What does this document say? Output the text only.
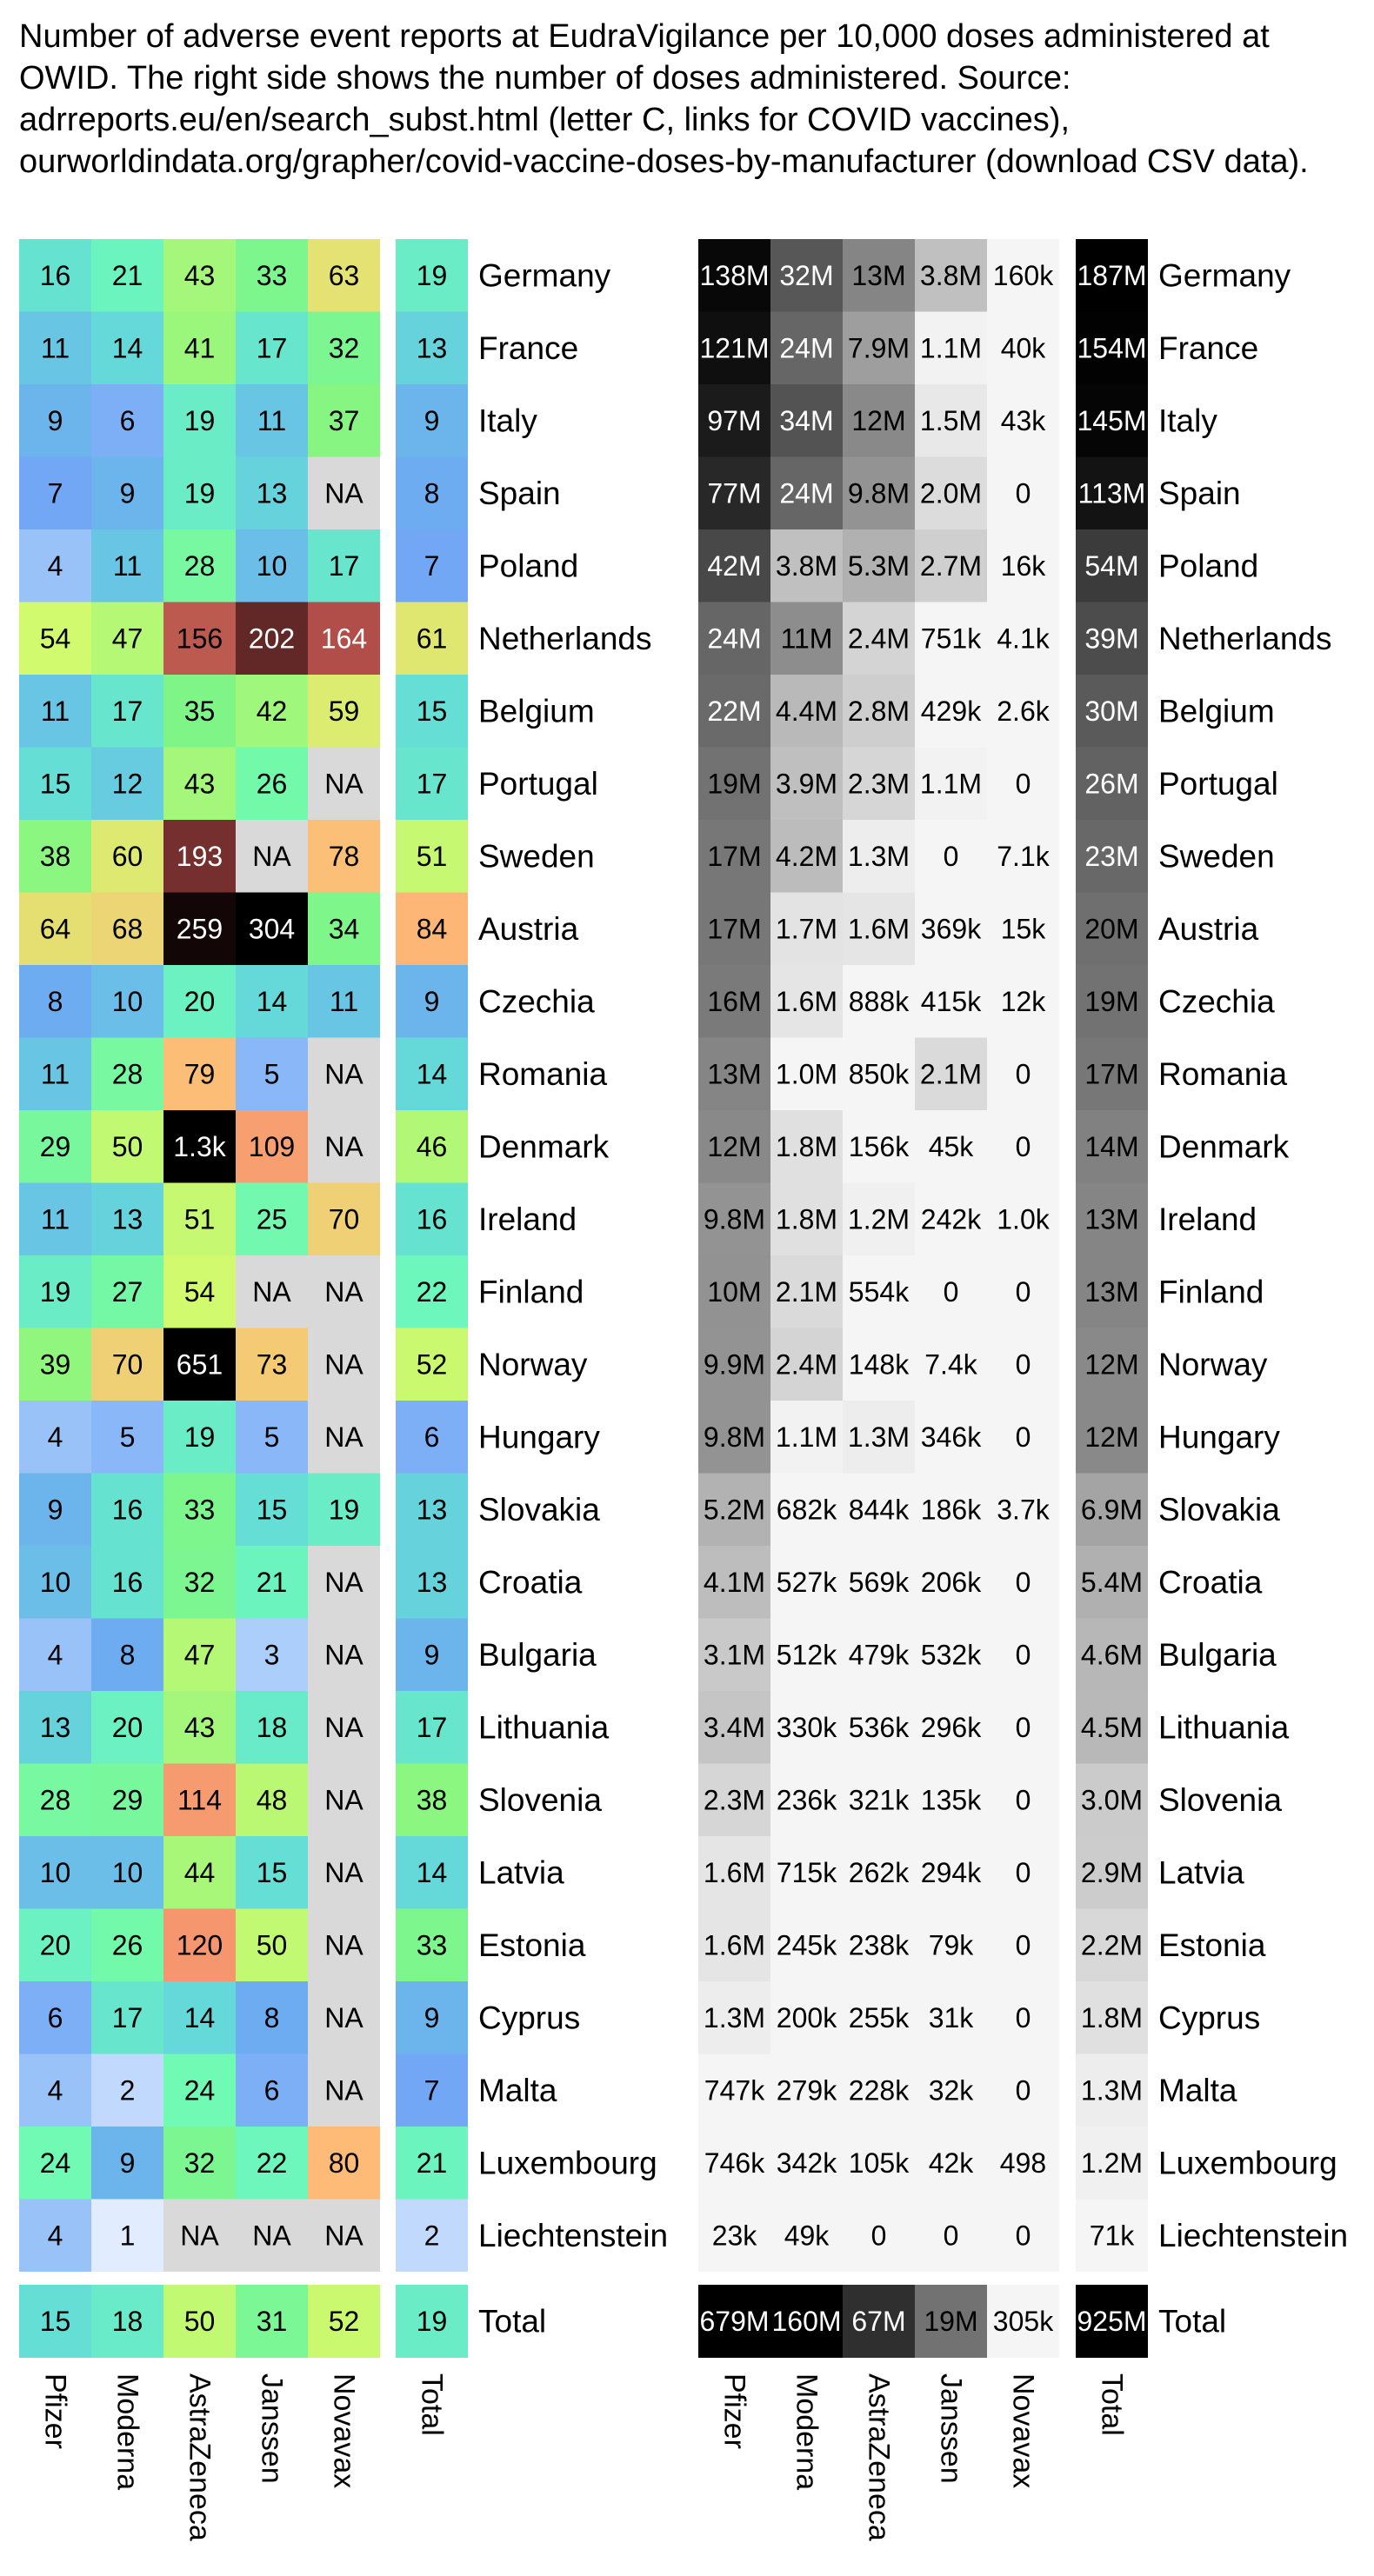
Number of adverse event reports at EudraVigilance per 10,000 doses administered at OWID. The right side shows the number of doses administered. Source: adrreports.eu/en/search_subst.html (letter C, links for COVID vaccines), ourworldindata.org/grapher/covid-vaccine-doses-by-manufacturer (download CSV data).
16 21 43 33 63 19 Germany
11 14 41 17 32 13 France
9 6 19 11 37 9 Italy
7 9 19 13 NA 8 Spain
4 11 28 10 17 7 Poland
54 47 156 202 164 61 Netherlands
11 17 35 42 59 15 Belgium
15 12 43 26 NA 17 Portugal
38 60 193 NA 78 51 Sweden
64 68 259 304 34 84 Austria
8 10 20 14 11 9 Czechia
11 28 79 5 NA 14 Romania
29 50 1.3k 109 NA 46 Denmark
11 13 51 25 70 16 Ireland
19 27 54 NA NA 22 Finland
39 70 651 73 NA 52 Norway
4 5 19 5 NA 6 Hungary
9 16 33 15 19 13 Slovakia
10 16 32 21 NA 13 Croatia
4 8 47 3 NA 9 Bulgaria
13 20 43 18 NA 17 Lithuania
28 29 114 48 NA 38 Slovenia
10 10 44 15 NA 14 Latvia
20 26 120 50 NA 33 Estonia
6 17 14 8 NA 9 Cyprus
4 2 24 6 NA 7 Malta
24 9 32 22 80 21 Luxembourg
4 1 NA NA NA 2 Liechtenstein
15 18 50 31 52 19 Total
Pfizer Moderna AstraZeneca Janssen Novavax Total
138M 32M 13M 3.8M 160k 187M Germany
121M 24M 7.9M 1.1M 40k 154M France
97M 34M 12M 1.5M 43k 145M Italy
77M 24M 9.8M 2.0M 0 113M Spain
42M 3.8M 5.3M 2.7M 16k 54M Poland
24M 11M 2.4M 751k 4.1k 39M Netherlands
22M 4.4M 2.8M 429k 2.6k 30M Belgium
19M 3.9M 2.3M 1.1M 0 26M Portugal
17M 4.2M 1.3M 0 7.1k 23M Sweden
17M 1.7M 1.6M 369k 15k 20M Austria
16M 1.6M 888k 415k 12k 19M Czechia
13M 1.0M 850k 2.1M 0 17M Romania
12M 1.8M 156k 45k 0 14M Denmark
9.8M 1.8M 1.2M 242k 1.0k 13M Ireland
10M 2.1M 554k 0 0 13M Finland
9.9M 2.4M 148k 7.4k 0 12M Norway
9.8M 1.1M 1.3M 346k 0 12M Hungary
5.2M 682k 844k 186k 3.7k 6.9M Slovakia
4.1M 527k 569k 206k 0 5.4M Croatia
3.1M 512k 479k 532k 0 4.6M Bulgaria
3.4M 330k 536k 296k 0 4.5M Lithuania
2.3M 236k 321k 135k 0 3.0M Slovenia
1.6M 715k 262k 294k 0 2.9M Latvia
1.6M 245k 238k 79k 0 2.2M Estonia
1.3M 200k 255k 31k 0 1.8M Cyprus
747k 279k 228k 32k 0 1.3M Malta
746k 342k 105k 42k 498 1.2M Luxembourg
23k 49k 0 0 0 71k Liechtenstein
679M 160M 67M 19M 305k 925M Total
Pfizer Moderna AstraZeneca Janssen Novavax Total
